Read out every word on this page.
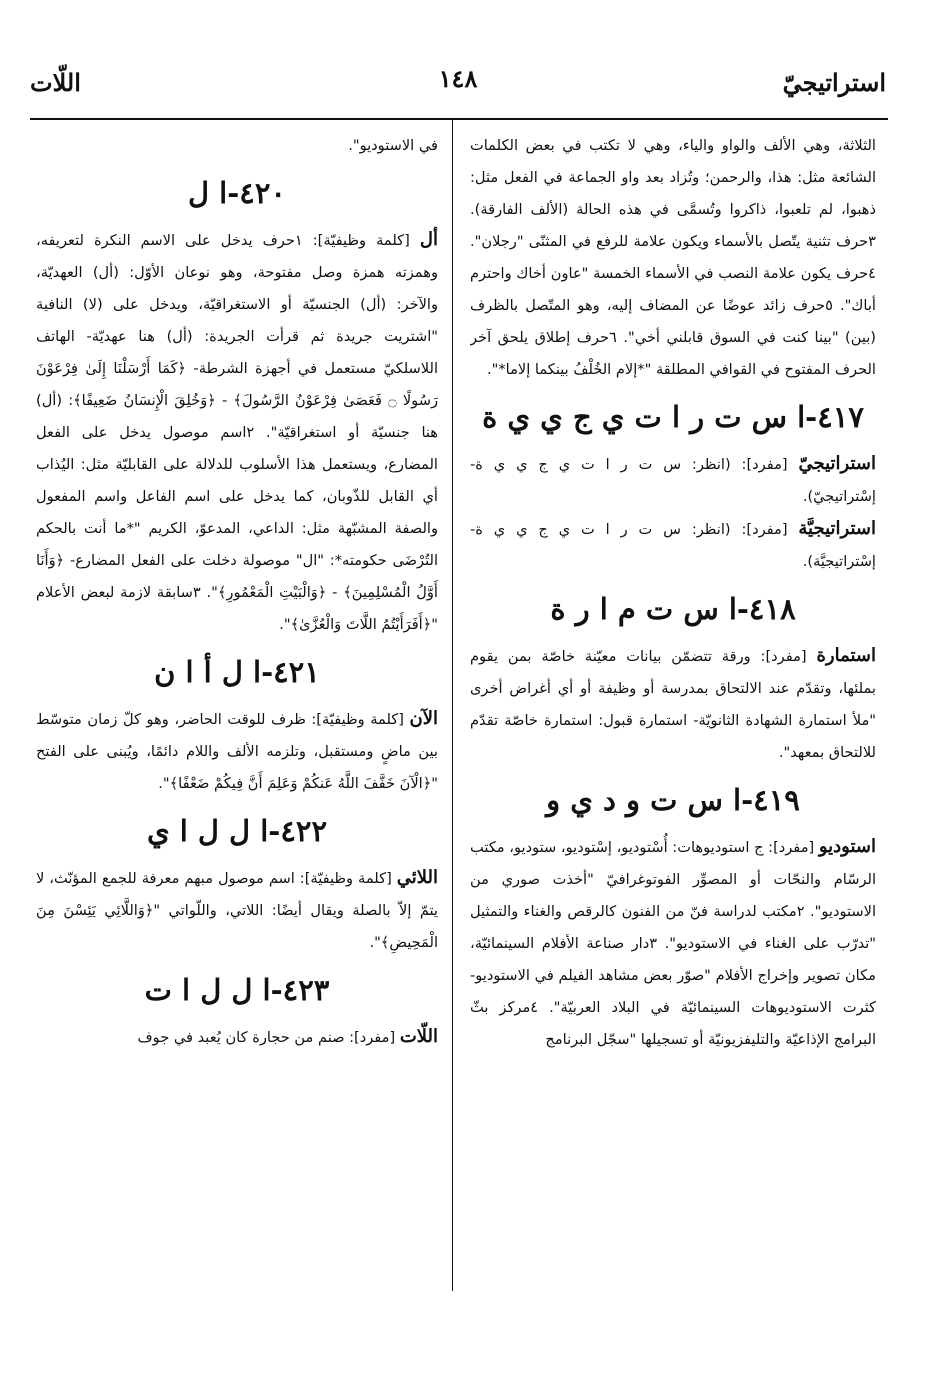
استراتيجيّ
١٤٨
اللّات

الثلاثة، وهي الألف والواو والياء، وهي لا تكتب في بعض الكلمات الشائعة مثل: هذا، والرحمن؛ وتُزاد بعد واو الجماعة في الفعل مثل: ذهبوا، لم تلعبوا، ذاكروا وتُسمَّى في هذه الحالة (الألف الفارقة). ٣حرف تثنية يتّصل بالأسماء ويكون علامة للرفع في المثنّى "رجلان". ٤حرف يكون علامة النصب في الأسماء الخمسة "عاون أخاك واحترم أباك". ٥حرف زائد عوضًا عن المضاف إليه، وهو المتّصل بالظرف (بين) "بينا كنت في السوق قابلني أخي". ٦حرف إطلاق يلحق آخر الحرف المفتوح في القوافي المطلقة "*إلام الخُلْفُ بينكما إلاما*".

٤١٧-ا س ت ر ا ت ي ج ي ي ة

استراتيجيّ [مفرد]: (انظر: س ت ر ا ت ي ج ي ي ة- إسْتراتيجيّ).

استراتيجيَّة [مفرد]: (انظر: س ت ر ا ت ي ج ي ي ة- إسْتراتيجيَّة).

٤١٨-ا س ت م ا ر ة

استمارة [مفرد]: ورقة تتضمّن بيانات معيّنة خاصّة بمن يقوم بملئها، وتقدّم عند الالتحاق بمدرسة أو وظيفة أو أي أغراض أخرى "ملأ استمارة الشهادة الثانويّة- استمارة قبول: استمارة خاصّة تقدّم للالتحاق بمعهد".

٤١٩-ا س ت و د ي و

استوديو [مفرد]: ج استوديوهات: أُسْتوديو، إسْتوديو، ستوديو، مكتب الرسّام والنحّات أو المصوِّر الفوتوغرافيّ "أخذت صوري من الاستوديو". ٢مكتب لدراسة فنّ من الفنون كالرقص والغناء والتمثيل "تدرّب على الغناء في الاستوديو". ٣دار صناعة الأفلام السينمائيّة، مكان تصوير وإخراج الأفلام "صوّر بعض مشاهد الفيلم في الاستوديو- كثرت الاستوديوهات السينمائيّة في البلاد العربيّة". ٤مركز بثّ البرامج الإذاعيّة والتليفزيونيّة أو تسجيلها "سجّل البرنامج

في الاستوديو".

٤٢٠-ا ل

أل [كلمة وظيفيّة]: ١حرف يدخل على الاسم النكرة لتعريفه، وهمزته همزة وصل مفتوحة، وهو نوعان الأوّل: (أل) العهديّة، والآخر: (أل) الجنسيّة أو الاستغراقيّة، ويدخل على (لا) النافية "اشتريت جريدة ثم قرأت الجريدة: (أل) هنا عهديّة- الهاتف اللاسلكيّ مستعمل في أجهزة الشرطة- ﴿كَمَا أَرْسَلْنَا إِلَىٰ فِرْعَوْنَ رَسُولًا ۝ فَعَصَىٰ فِرْعَوْنُ الرَّسُولَ﴾ - ﴿وَخُلِقَ الْإِنسَانُ ضَعِيفًا﴾: (أل) هنا جنسيّة أو استغراقيّة". ٢اسم موصول يدخل على الفعل المضارع، ويستعمل هذا الأسلوب للدلالة على القابليّة مثل: اليُذاب أي القابل للذّوبان، كما يدخل على اسم الفاعل واسم المفعول والصفة المشبّهة مثل: الداعي، المدعوّ، الكريم "*ما أنت بالحكم التُرْضَى حكومته*: "ال" موصولة دخلت على الفعل المضارع- ﴿وَأَنَا أَوَّلُ الْمُسْلِمِينَ﴾ - ﴿وَالْبَيْتِ الْمَعْمُورِ﴾". ٣سابقة لازمة لبعض الأعلام "﴿أَفَرَأَيْتُمُ اللَّاتَ وَالْعُزَّىٰ﴾".

٤٢١-ا ل أ ا ن

الآن [كلمة وظيفيّة]: ظرف للوقت الحاضر، وهو كلّ زمان متوسّط بين ماضٍ ومستقبل، وتلزمه الألف واللام دائمًا، ويُبنى على الفتح "﴿الْآنَ خَفَّفَ اللَّهُ عَنكُمْ وَعَلِمَ أَنَّ فِيكُمْ ضَعْفًا﴾".

٤٢٢-ا ل ل ا ي

اللائي [كلمة وظيفيّة]: اسم موصول مبهم معرفة للجمع المؤنّث، لا يتمّ إلاّ بالصلة ويقال أيضًا: اللاتي، واللّواتي "﴿وَاللَّائِي يَئِسْنَ مِنَ الْمَحِيضِ﴾".

٤٢٣-ا ل ل ا ت

اللّات [مفرد]: صنم من حجارة كان يُعبد في جوف
